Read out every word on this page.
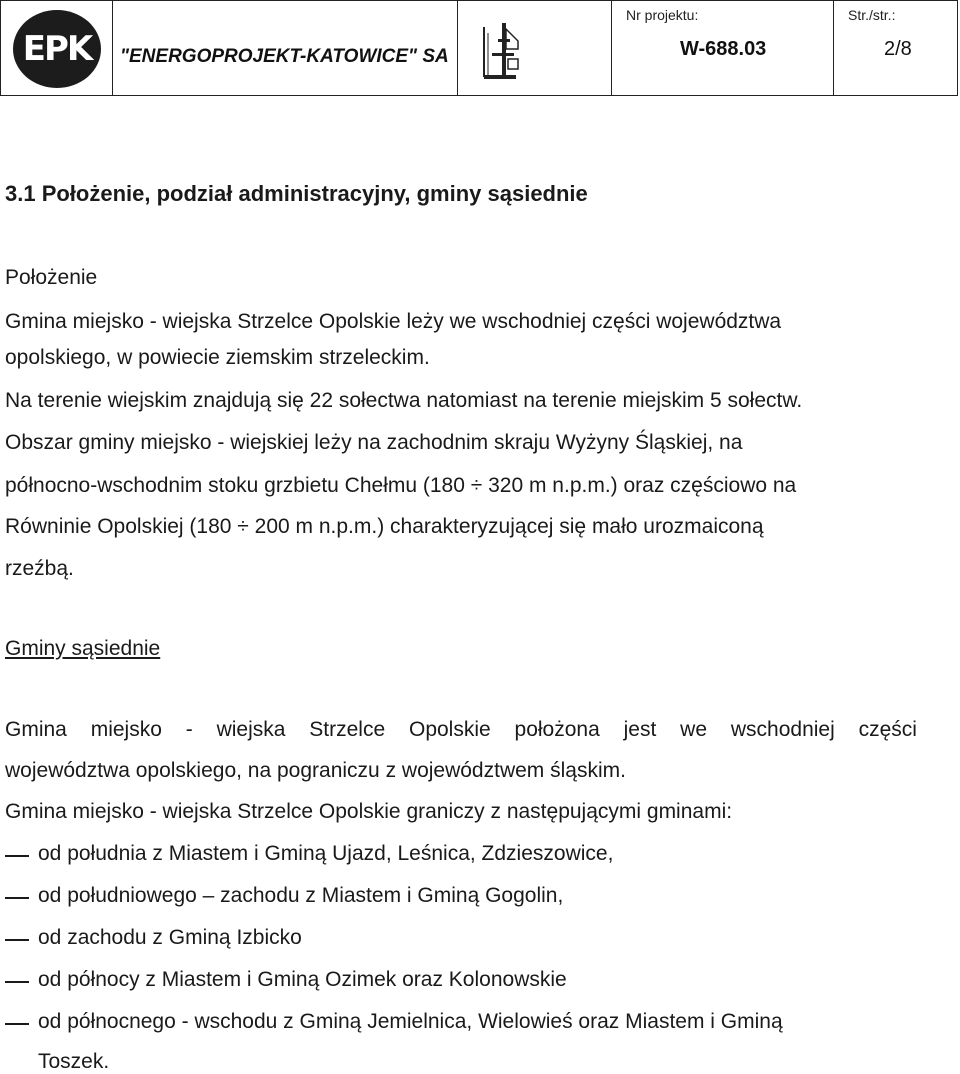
EPK	"ENERGOPROJEKT-KATOWICE" SA
Nr projektu:
W-688.03
Str./str.:
2/8
3.1 Położenie, podział administracyjny, gminy sąsiednie
Położenie
Gmina miejsko - wiejska Strzelce Opolskie leży we wschodniej części województwa
opolskiego, w powiecie ziemskim strzeleckim.
Na terenie wiejskim znajdują się 22 sołectwa natomiast na terenie miejskim 5 sołectw.
Obszar gminy miejsko - wiejskiej leży na zachodnim skraju Wyżyny Śląskiej, na
północno-wschodnim stoku grzbietu Chełmu (180 ÷ 320 m n.p.m.) oraz częściowo na
Równinie Opolskiej (180 ÷ 200 m n.p.m.) charakteryzującej się mało urozmaiconą
rzeźbą.
Gminy sąsiednie
Gmina miejsko - wiejska Strzelce Opolskie położona jest we wschodniej części
województwa opolskiego, na pograniczu z województwem śląskim.
Gmina miejsko - wiejska Strzelce Opolskie graniczy z następującymi gminami:
od południa z Miastem i Gminą Ujazd, Leśnica, Zdzieszowice,
od południowego – zachodu z Miastem i Gminą Gogolin,
od zachodu z Gminą Izbicko
od północy z Miastem i Gminą Ozimek oraz Kolonowskie
od północnego - wschodu z Gminą Jemielnica, Wielowieś oraz Miastem i Gminą
Toszek.
